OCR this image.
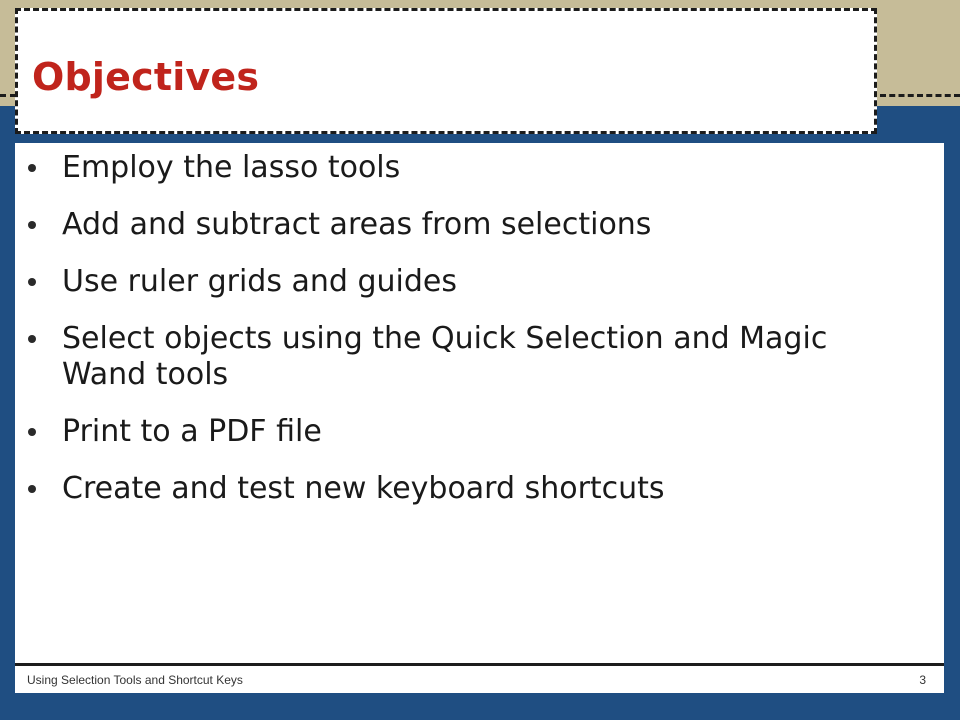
Objectives
Employ the lasso tools
Add and subtract areas from selections
Use ruler grids and guides
Select objects using the Quick Selection and Magic Wand tools
Print to a PDF file
Create and test new keyboard shortcuts
Using Selection Tools and Shortcut Keys	3
